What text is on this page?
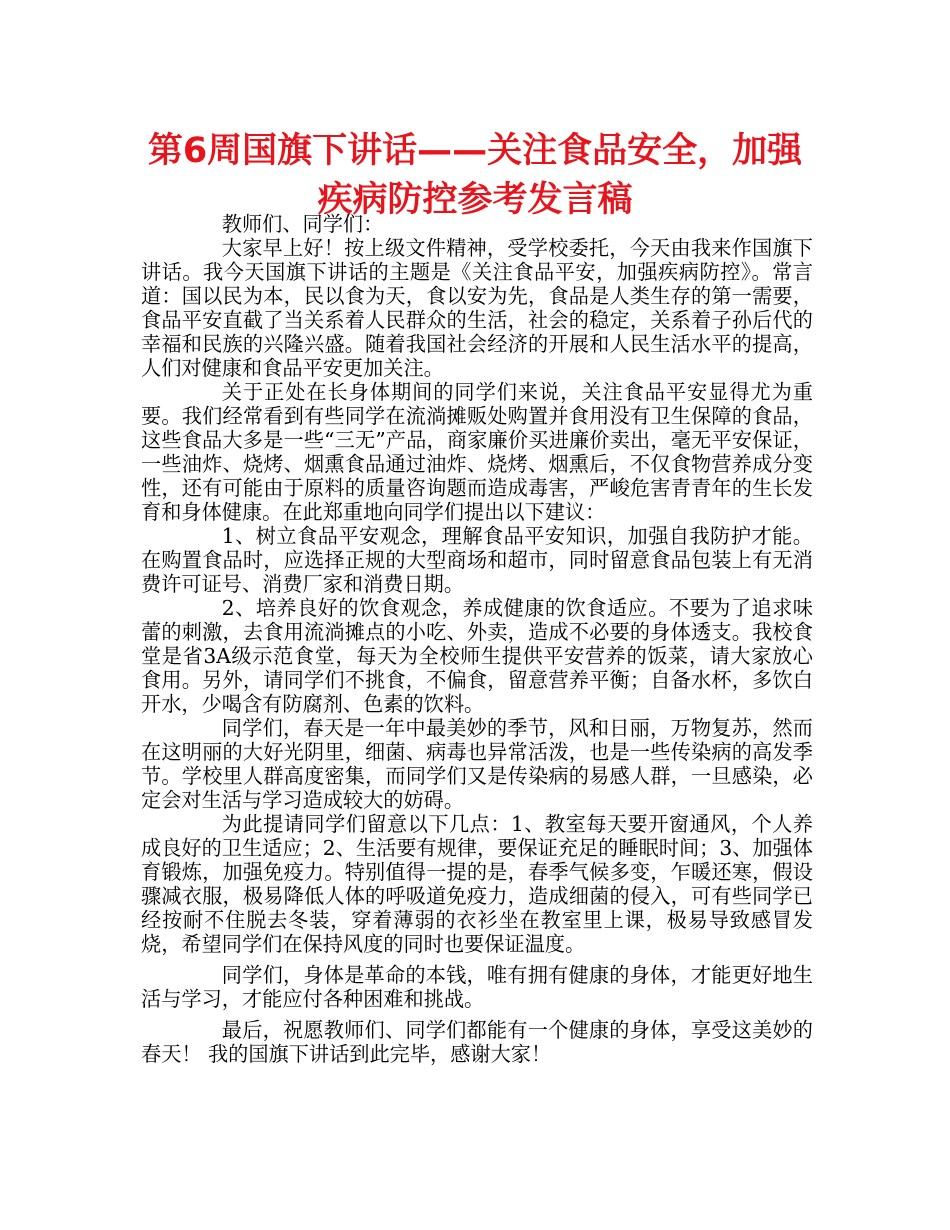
第6周国旗下讲话——关注食品安全，加强疾病防控参考发言稿

教师们、同学们：

大家早上好！按上级文件精神，受学校委托，今天由我来作国旗下讲话。我今天国旗下讲话的主题是《关注食品平安，加强疾病防控》。常言道：国以民为本，民以食为天，食以安为先，食品是人类生存的第一需要，食品平安直截了当关系着人民群众的生活，社会的稳定，关系着子孙后代的幸福和民族的兴隆兴盛。随着我国社会经济的开展和人民生活水平的提高，人们对健康和食品平安更加关注。

关于正处在长身体期间的同学们来说，关注食品平安显得尤为重要。我们经常看到有些同学在流淌摊贩处购置并食用没有卫生保障的食品，这些食品大多是一些“三无”产品，商家廉价买进廉价卖出，毫无平安保证，一些油炸、烧烤、烟熏食品通过油炸、烧烤、烟熏后，不仅食物营养成分变性，还有可能由于原料的质量咨询题而造成毒害，严峻危害青青年的生长发育和身体健康。在此郑重地向同学们提出以下建议：

1、树立食品平安观念，理解食品平安知识，加强自我防护才能。在购置食品时，应选择正规的大型商场和超市，同时留意食品包装上有无消费许可证号、消费厂家和消费日期。

2、培养良好的饮食观念，养成健康的饮食适应。不要为了追求味蕾的刺激，去食用流淌摊点的小吃、外卖，造成不必要的身体透支。我校食堂是省3A级示范食堂，每天为全校师生提供平安营养的饭菜，请大家放心食用。另外，请同学们不挑食，不偏食，留意营养平衡；自备水杯，多饮白开水，少喝含有防腐剂、色素的饮料。

同学们，春天是一年中最美妙的季节，风和日丽，万物复苏，然而在这明丽的大好光阴里，细菌、病毒也异常活泼，也是一些传染病的高发季节。学校里人群高度密集，而同学们又是传染病的易感人群，一旦感染，必定会对生活与学习造成较大的妨碍。

为此提请同学们留意以下几点：1、教室每天要开窗通风，个人养成良好的卫生适应；2、生活要有规律，要保证充足的睡眠时间；3、加强体育锻炼，加强免疫力。特别值得一提的是，春季气候多变，乍暖还寒，假设骤减衣服，极易降低人体的呼吸道免疫力，造成细菌的侵入，可有些同学已经按耐不住脱去冬装，穿着薄弱的衣衫坐在教室里上课，极易导致感冒发烧，希望同学们在保持风度的同时也要保证温度。

同学们，身体是革命的本钱，唯有拥有健康的身体，才能更好地生活与学习，才能应付各种困难和挑战。

最后，祝愿教师们、同学们都能有一个健康的身体，享受这美妙的春天！ 我的国旗下讲话到此完毕，感谢大家！
